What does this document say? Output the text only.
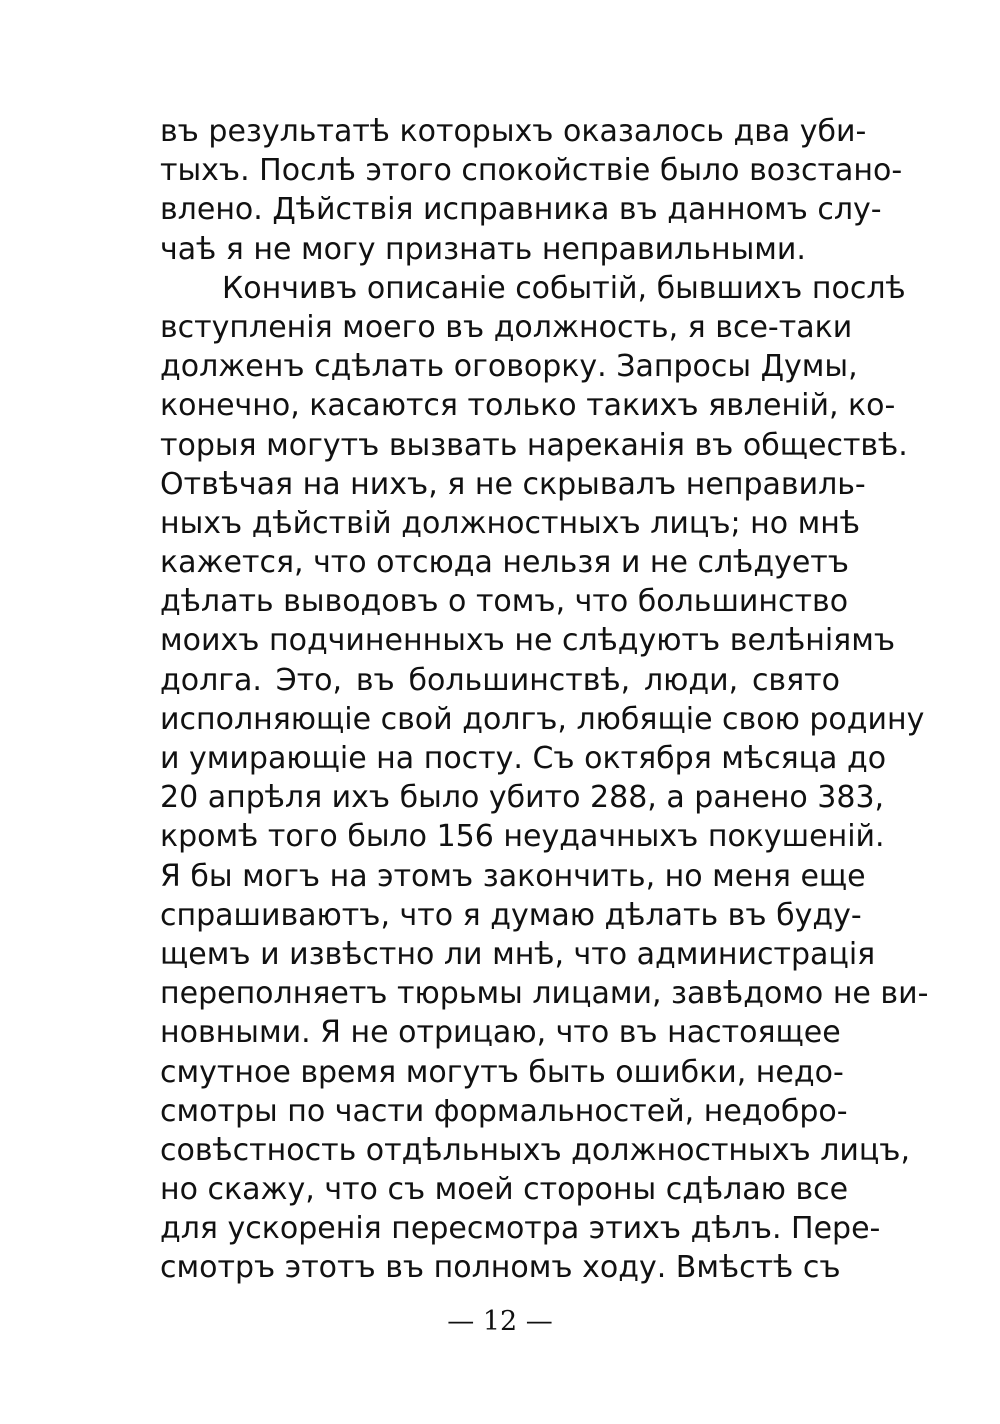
въ результатѣ которыхъ оказалось два уби-
тыхъ. Послѣ этого спокойствіе было возстано-
влено. Дѣйствія исправника въ данномъ слу-
чаѣ я не могу признать неправильными.
Кончивъ описаніе событій, бывшихъ послѣ
вступленія моего въ должность, я все-таки
долженъ сдѣлать оговорку. Запросы Думы,
конечно, касаются только такихъ явленій, ко-
торыя могутъ вызвать нареканія въ обществѣ.
Отвѣчая на нихъ, я не скрывалъ неправиль-
ныхъ дѣйствій должностныхъ лицъ; но мнѣ
кажется, что отсюда нельзя и не слѣдуетъ
дѣлать выводовъ о томъ, что большинство
моихъ подчиненныхъ не слѣдуютъ велѣніямъ
долга. Это, въ большинствѣ, люди, свято
исполняющіе свой долгъ, любящіе свою родину
и умирающіе на посту. Съ октября мѣсяца до
20 апрѣля ихъ было убито 288, а ранено 383,
кромѣ того было 156 неудачныхъ покушеній.
Я бы могъ на этомъ закончить, но меня еще
спрашиваютъ, что я думаю дѣлать въ буду-
щемъ и извѣстно ли мнѣ, что администрація
переполняетъ тюрьмы лицами, завѣдомо не ви-
новными. Я не отрицаю, что въ настоящее
смутное время могутъ быть ошибки, недо-
смотры по части формальностей, недобро-
совѣстность отдѣльныхъ должностныхъ лицъ,
но скажу, что съ моей стороны сдѣлаю все
для ускоренія пересмотра этихъ дѣлъ. Пере-
смотръ этотъ въ полномъ ходу. Вмѣстѣ съ
— 12 —
